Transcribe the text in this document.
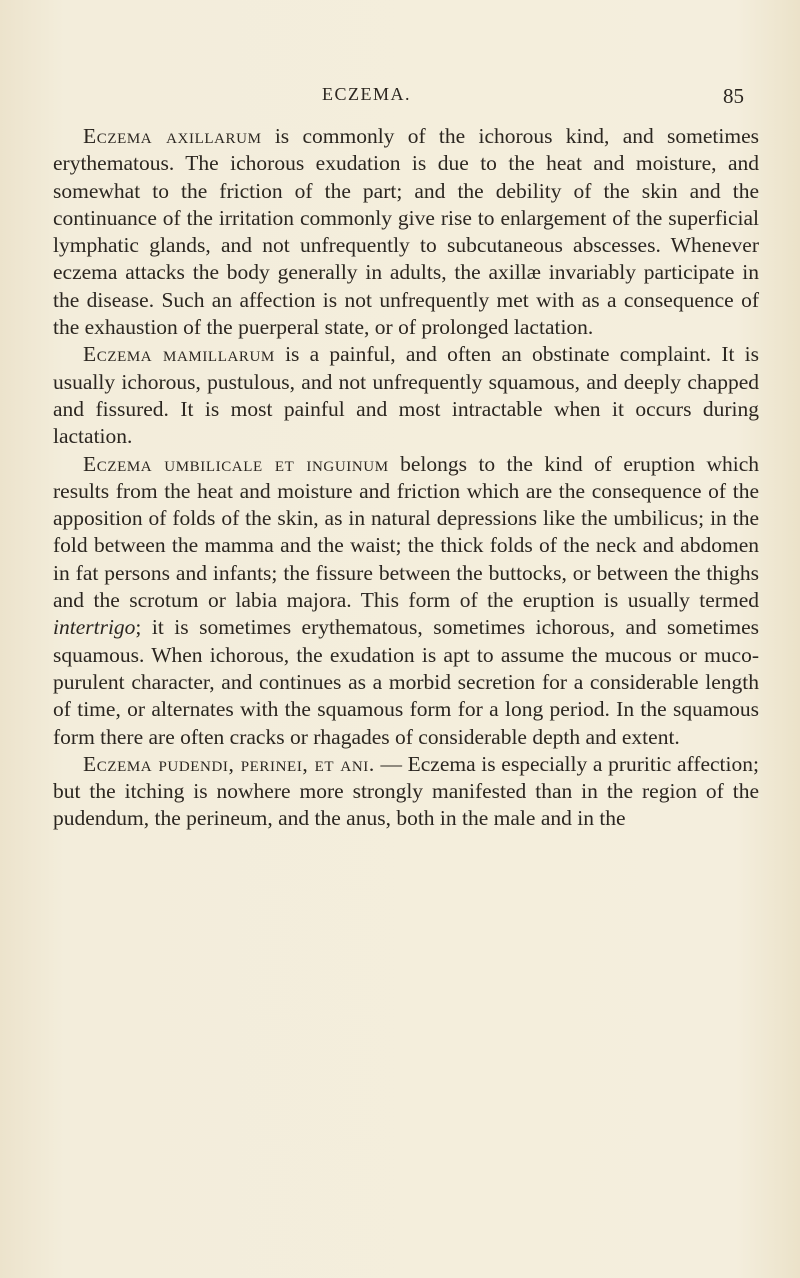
ECZEMA.	85

Eczema axillarum is commonly of the ichorous kind, and sometimes erythematous. The ichorous exudation is due to the heat and moisture, and somewhat to the friction of the part; and the debility of the skin and the continuance of the irritation commonly give rise to enlargement of the superficial lymphatic glands, and not unfrequently to subcutaneous abscesses. Whenever eczema attacks the body generally in adults, the axillæ invariably participate in the disease. Such an affection is not unfrequently met with as a consequence of the exhaustion of the puerperal state, or of prolonged lactation.

Eczema mamillarum is a painful, and often an obstinate complaint. It is usually ichorous, pustulous, and not unfrequently squamous, and deeply chapped and fissured. It is most painful and most intractable when it occurs during lactation.

Eczema umbilicale et inguinum belongs to the kind of eruption which results from the heat and moisture and friction which are the consequence of the apposition of folds of the skin, as in natural depressions like the umbilicus; in the fold between the mamma and the waist; the thick folds of the neck and abdomen in fat persons and infants; the fissure between the buttocks, or between the thighs and the scrotum or labia majora. This form of the eruption is usually termed intertrigo; it is sometimes erythematous, sometimes ichorous, and sometimes squamous. When ichorous, the exudation is apt to assume the mucous or muco-purulent character, and continues as a morbid secretion for a considerable length of time, or alternates with the squamous form for a long period. In the squamous form there are often cracks or rhagades of considerable depth and extent.

Eczema pudendi, perinei, et ani. — Eczema is especially a pruritic affection; but the itching is nowhere more strongly manifested than in the region of the pudendum, the perineum, and the anus, both in the male and in the
